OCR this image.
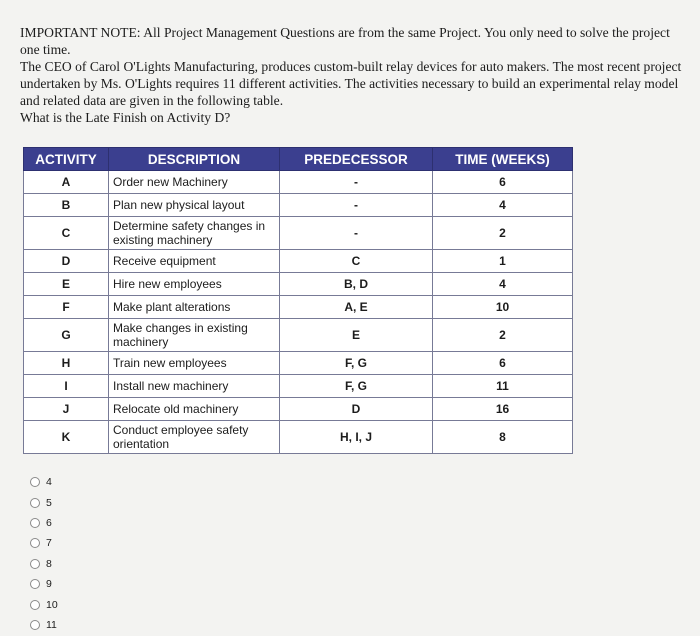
IMPORTANT NOTE: All Project Management Questions are from the same Project. You only need to solve the project one time.

The CEO of Carol O'Lights Manufacturing, produces custom-built relay devices for auto makers. The most recent project undertaken by Ms. O'Lights requires 11 different activities. The activities necessary to build an experimental relay model and related data are given in the following table.

What is the Late Finish on Activity D?

ACTIVITY	DESCRIPTION	PREDECESSOR	TIME (WEEKS)
A	Order new Machinery	-	6
B	Plan new physical layout	-	4
C	Determine safety changes in existing machinery	-	2
D	Receive equipment	C	1
E	Hire new employees	B, D	4
F	Make plant alterations	A, E	10
G	Make changes in existing machinery	E	2
H	Train new employees	F, G	6
I	Install new machinery	F, G	11
J	Relocate old machinery	D	16
K	Conduct employee safety orientation	H, I, J	8
4
5
6
7
8
9
10
11
